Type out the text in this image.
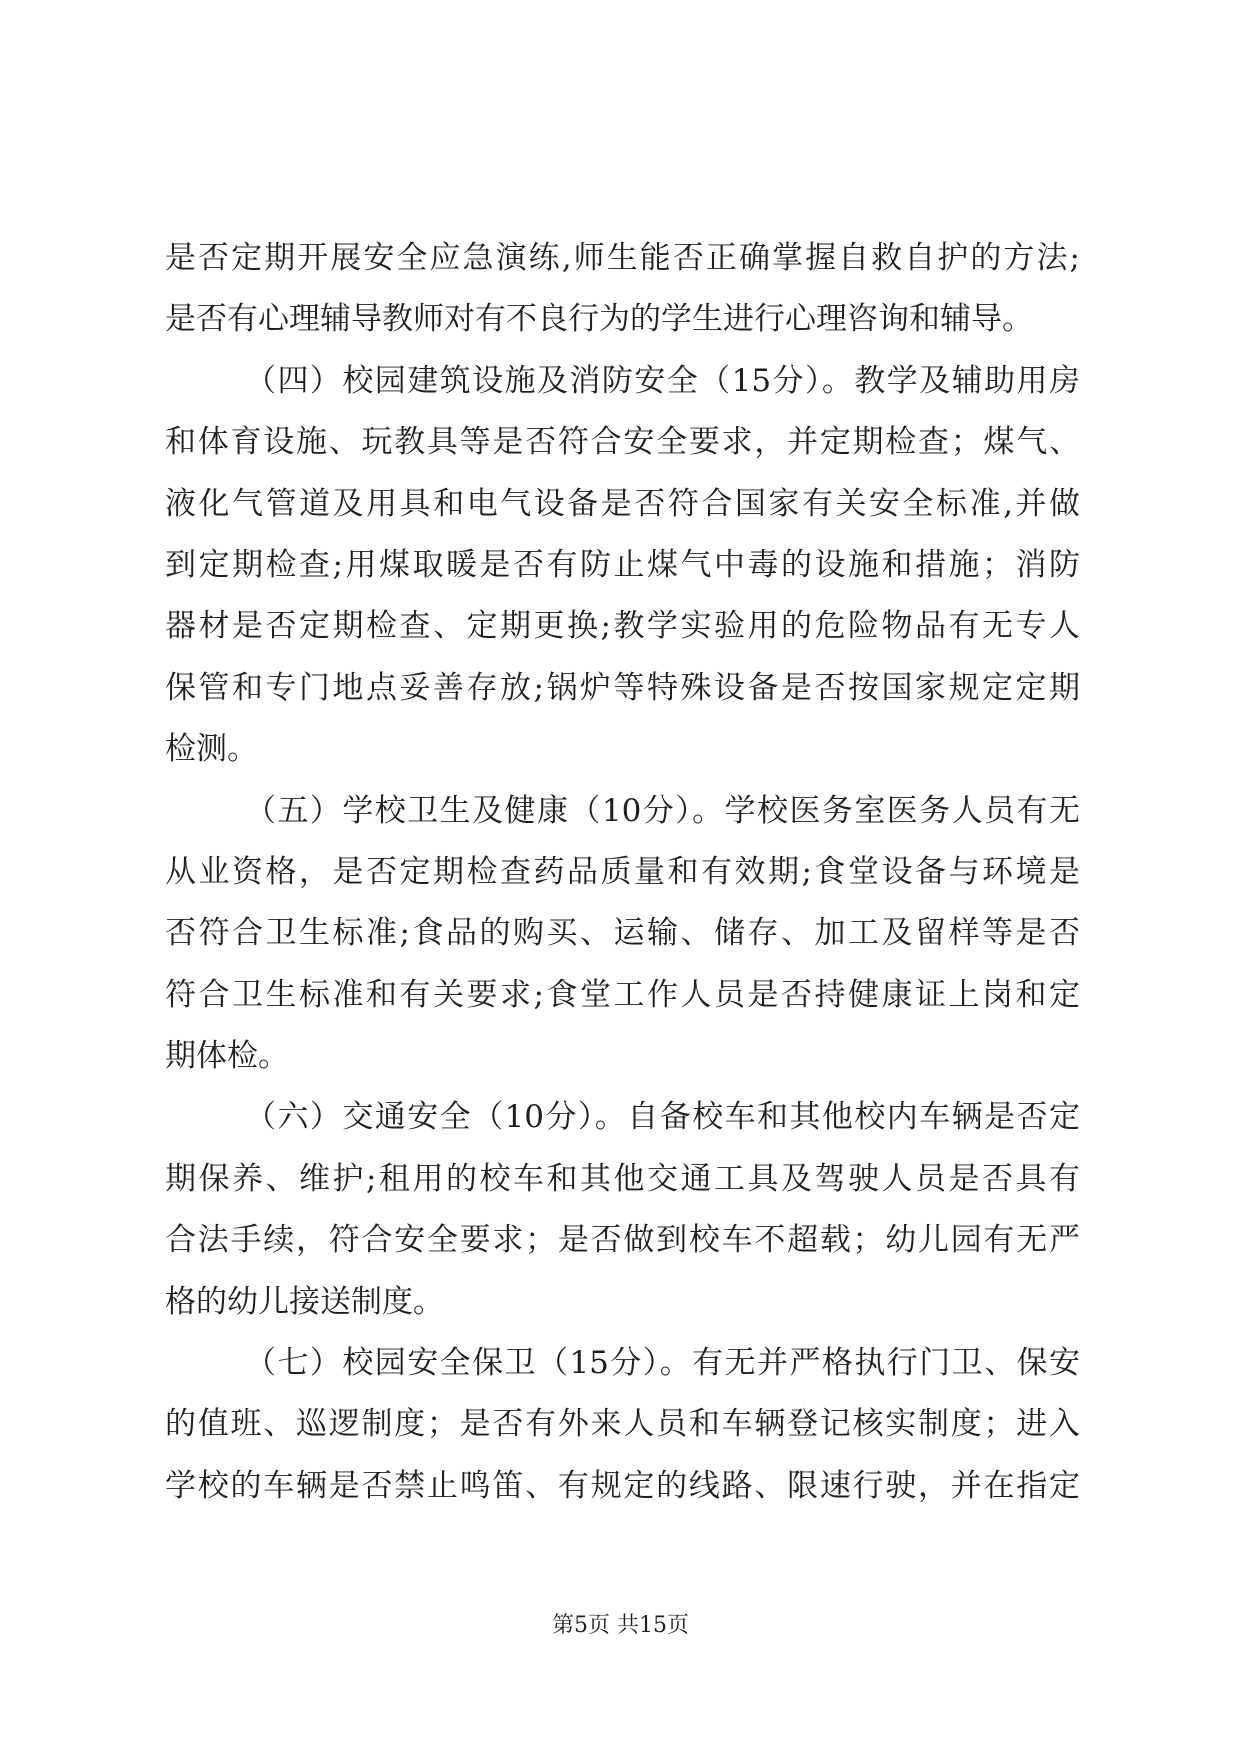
是否定期开展安全应急演练,师生能否正确掌握自救自护的方法;
是否有心理辅导教师对有不良行为的学生进行心理咨询和辅导。
（四）校园建筑设施及消防安全（15分）。教学及辅助用房
和体育设施、玩教具等是否符合安全要求，并定期检查；煤气、
液化气管道及用具和电气设备是否符合国家有关安全标准,并做
到定期检查;用煤取暖是否有防止煤气中毒的设施和措施；消防
器材是否定期检查、定期更换;教学实验用的危险物品有无专人
保管和专门地点妥善存放;锅炉等特殊设备是否按国家规定定期
检测。
（五）学校卫生及健康（10分）。学校医务室医务人员有无
从业资格，是否定期检查药品质量和有效期;食堂设备与环境是
否符合卫生标准;食品的购买、运输、储存、加工及留样等是否
符合卫生标准和有关要求;食堂工作人员是否持健康证上岗和定
期体检。
（六）交通安全（10分）。自备校车和其他校内车辆是否定
期保养、维护;租用的校车和其他交通工具及驾驶人员是否具有
合法手续，符合安全要求；是否做到校车不超载；幼儿园有无严
格的幼儿接送制度。
（七）校园安全保卫（15分）。有无并严格执行门卫、保安
的值班、巡逻制度；是否有外来人员和车辆登记核实制度；进入
学校的车辆是否禁止鸣笛、有规定的线路、限速行驶，并在指定
第5页 共15页
